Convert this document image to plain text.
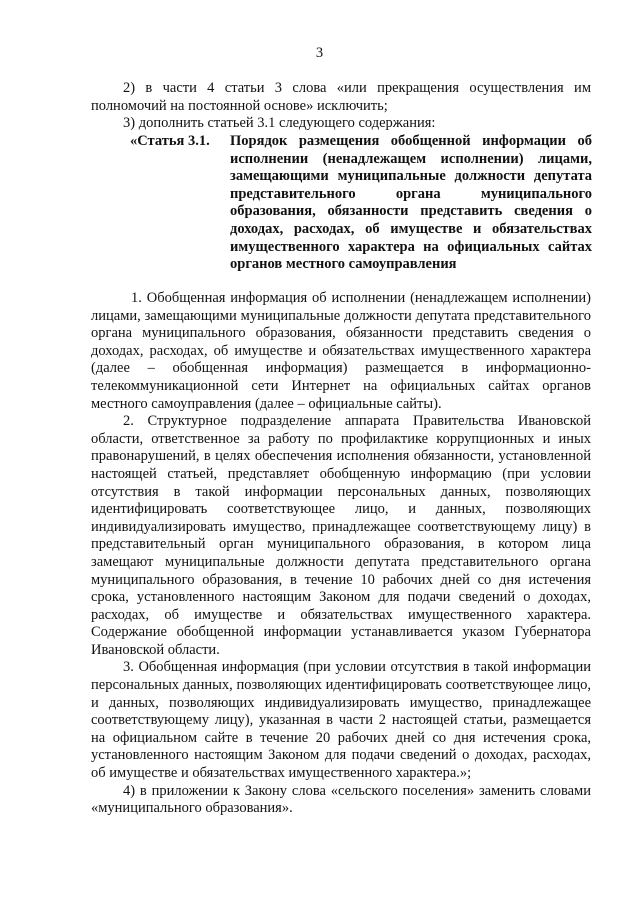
3

2) в части 4 статьи 3 слова «или прекращения осуществления им полномочий на постоянной основе» исключить;

3) дополнить статьей 3.1 следующего содержания:

«Статья 3.1. Порядок размещения обобщенной информации об исполнении (ненадлежащем исполнении) лицами, замещающими муниципальные должности депутата представительного органа муниципального образования, обязанности представить сведения о доходах, расходах, об имуществе и обязательствах имущественного характера на официальных сайтах органов местного самоуправления

1. Обобщенная информация об исполнении (ненадлежащем исполнении) лицами, замещающими муниципальные должности депутата представительного органа муниципального образования, обязанности представить сведения о доходах, расходах, об имуществе и обязательствах имущественного характера (далее – обобщенная информация) размещается в информационно-телекоммуникационной сети Интернет на официальных сайтах органов местного самоуправления (далее – официальные сайты).

2. Структурное подразделение аппарата Правительства Ивановской области, ответственное за работу по профилактике коррупционных и иных правонарушений, в целях обеспечения исполнения обязанности, установленной настоящей статьей, представляет обобщенную информацию (при условии отсутствия в такой информации персональных данных, позволяющих идентифицировать соответствующее лицо, и данных, позволяющих индивидуализировать имущество, принадлежащее соответствующему лицу) в представительный орган муниципального образования, в котором лица замещают муниципальные должности депутата представительного органа муниципального образования, в течение 10 рабочих дней со дня истечения срока, установленного настоящим Законом для подачи сведений о доходах, расходах, об имуществе и обязательствах имущественного характера. Содержание обобщенной информации устанавливается указом Губернатора Ивановской области.

3. Обобщенная информация (при условии отсутствия в такой информации персональных данных, позволяющих идентифицировать соответствующее лицо, и данных, позволяющих индивидуализировать имущество, принадлежащее соответствующему лицу), указанная в части 2 настоящей статьи, размещается на официальном сайте в течение 20 рабочих дней со дня истечения срока, установленного настоящим Законом для подачи сведений о доходах, расходах, об имуществе и обязательствах имущественного характера.»;

4) в приложении к Закону слова «сельского поселения» заменить словами «муниципального образования».
